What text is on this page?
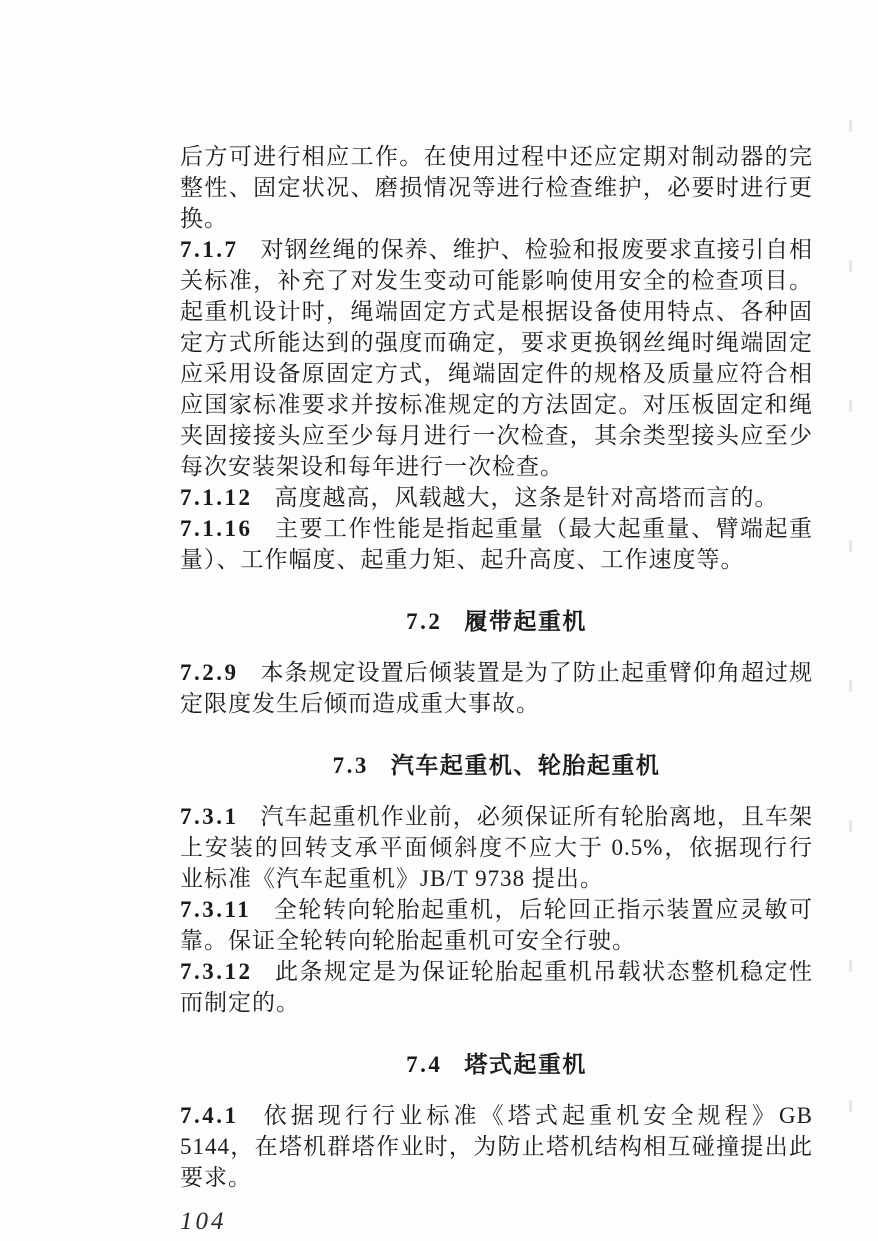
后方可进行相应工作。在使用过程中还应定期对制动器的完整性、固定状况、磨损情况等进行检查维护，必要时进行更换。

7.1.7 对钢丝绳的保养、维护、检验和报废要求直接引自相关标准，补充了对发生变动可能影响使用安全的检查项目。起重机设计时，绳端固定方式是根据设备使用特点、各种固定方式所能达到的强度而确定，要求更换钢丝绳时绳端固定应采用设备原固定方式，绳端固定件的规格及质量应符合相应国家标准要求并按标准规定的方法固定。对压板固定和绳夹固接接头应至少每月进行一次检查，其余类型接头应至少每次安装架设和每年进行一次检查。

7.1.12 高度越高，风载越大，这条是针对高塔而言的。

7.1.16 主要工作性能是指起重量（最大起重量、臂端起重量）、工作幅度、起重力矩、起升高度、工作速度等。

7.2 履带起重机

7.2.9 本条规定设置后倾装置是为了防止起重臂仰角超过规定限度发生后倾而造成重大事故。

7.3 汽车起重机、轮胎起重机

7.3.1 汽车起重机作业前，必须保证所有轮胎离地，且车架上安装的回转支承平面倾斜度不应大于 0.5%，依据现行行业标准《汽车起重机》JB/T 9738 提出。

7.3.11 全轮转向轮胎起重机，后轮回正指示装置应灵敏可靠。保证全轮转向轮胎起重机可安全行驶。

7.3.12 此条规定是为保证轮胎起重机吊载状态整机稳定性而制定的。

7.4 塔式起重机

7.4.1 依据现行行业标准《塔式起重机安全规程》GB 5144，在塔机群塔作业时，为防止塔机结构相互碰撞提出此要求。

104
